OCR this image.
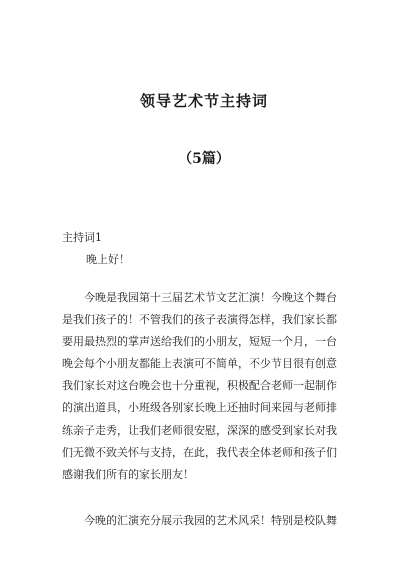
领导艺术节主持词
（5篇）
主持词1
晚上好！
今晚是我园第十三届艺术节文艺汇演！今晚这个舞台
是我们孩子的！不管我们的孩子表演得怎样，我们家长都
要用最热烈的掌声送给我们的小朋友，短短一个月，一台
晚会每个小朋友都能上表演可不简单，不少节目很有创意
我们家长对这台晚会也十分重视，积极配合老师一起制作
的演出道具，小班级各别家长晚上还抽时间来园与老师排
练亲子走秀，让我们老师很安慰，深深的感受到家长对我
们无微不致关怀与支持，在此，我代表全体老师和孩子们
感谢我们所有的家长朋友！
今晚的汇演充分展示我园的艺术风采！特别是校队舞
